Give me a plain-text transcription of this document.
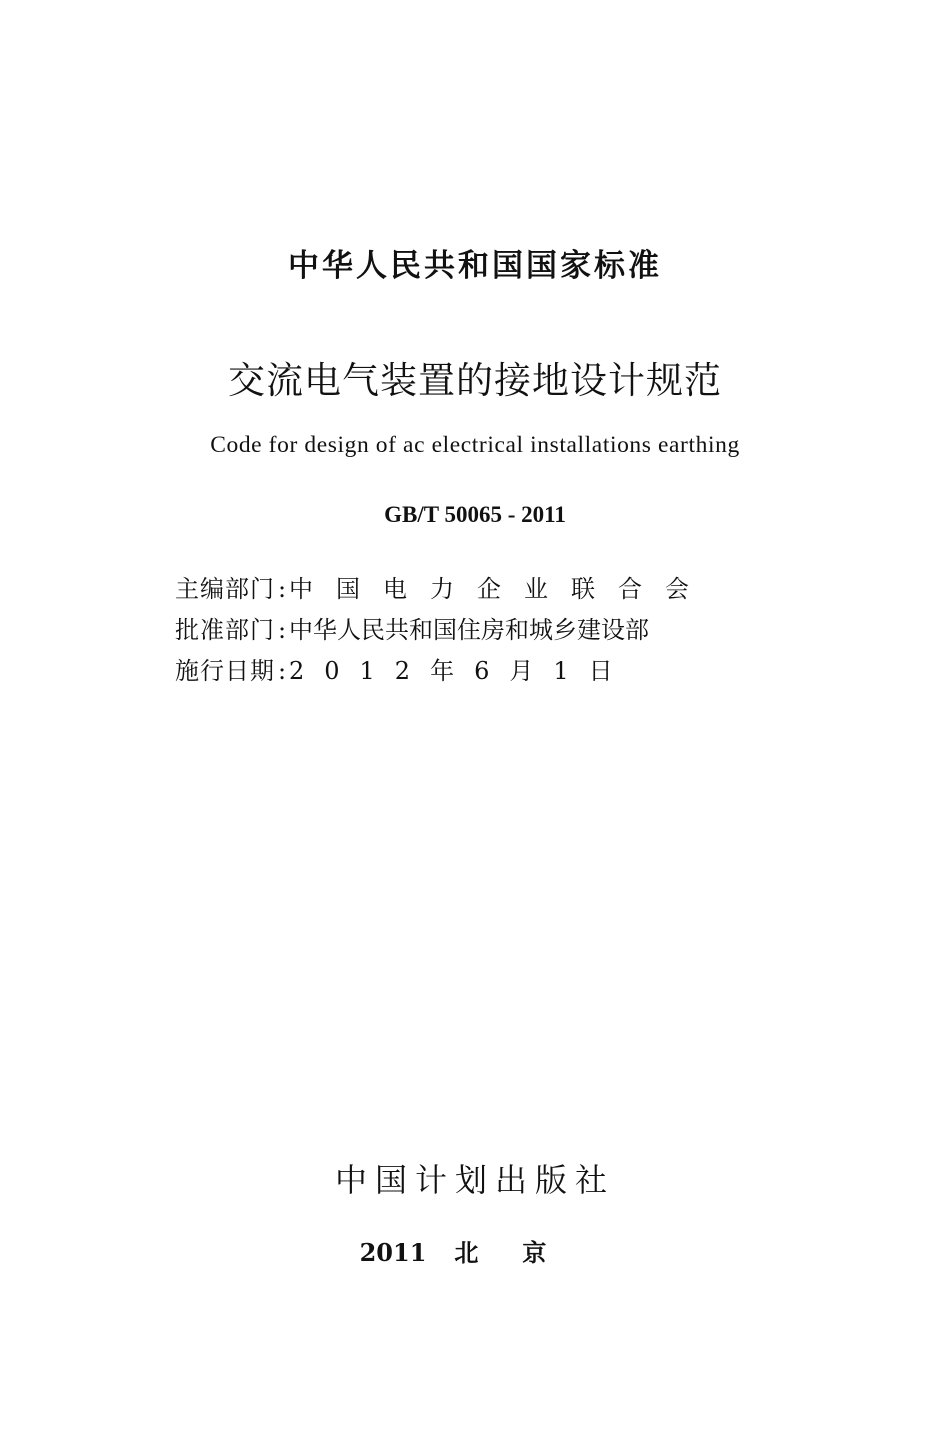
中华人民共和国国家标准
交流电气装置的接地设计规范
Code for design of ac electrical installations earthing
GB/T 50065 - 2011
主编部门 : 中国电力企业联合会
批准部门 : 中华人民共和国住房和城乡建设部
施行日期 : 2012年6月1日
中国计划出版社
2011 北京
